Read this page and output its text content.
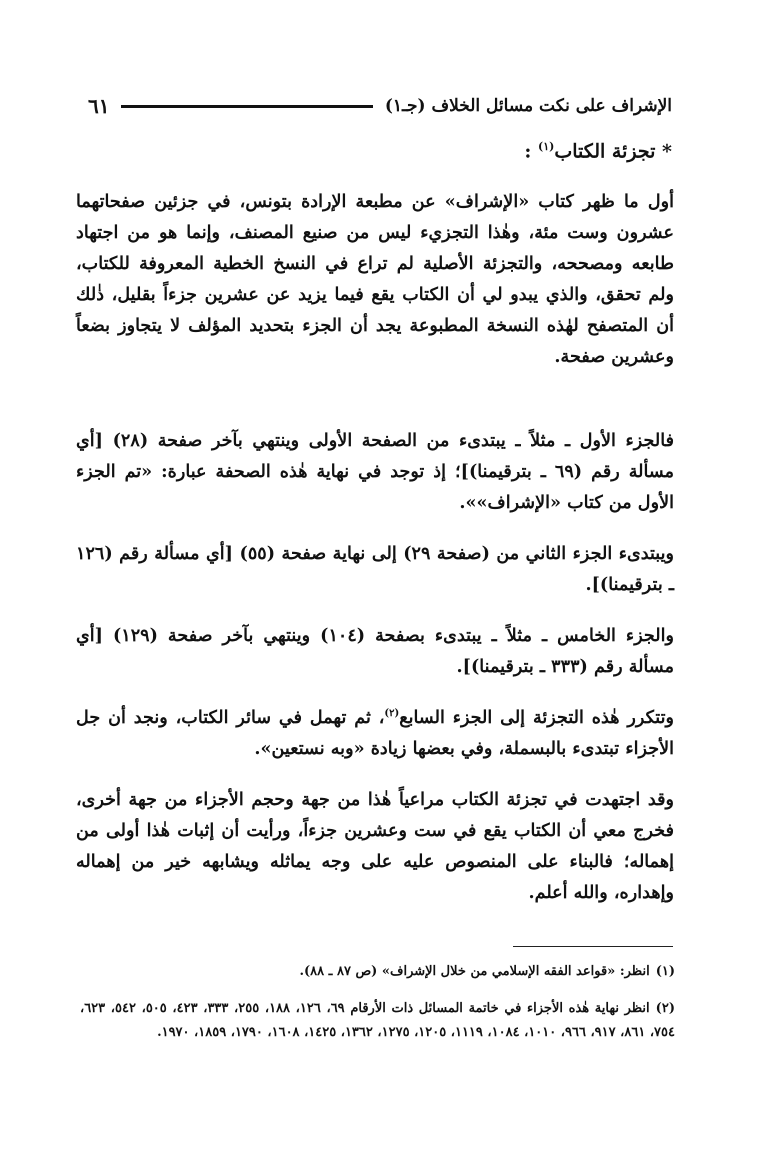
الإشراف على نكت مسائل الخلاف (جـ١)
٦١
* تجزئة الكتاب$^{(١)}$ :

أول ما ظهر كتاب «الإشراف» عن مطبعة الإرادة بتونس، في جزئين صفحاتهما عشرون وست مئة، وهٰذا التجزيء ليس من صنيع المصنف، وإنما هو من اجتهاد طابعه ومصححه، والتجزئة الأصلية لم تراع في النسخ الخطية المعروفة للكتاب، ولم تحقق، والذي يبدو لي أن الكتاب يقع فيما يزيد عن عشرين جزءاً بقليل، ذٰلك أن المتصفح لهٰذه النسخة المطبوعة يجد أن الجزء بتحديد المؤلف لا يتجاوز بضعاً وعشرين صفحة.

فالجزء الأول ـ مثلاً ـ يبتدىء من الصفحة الأولى وينتهي بآخر صفحة (٢٨) [أي مسألة رقم (٦٩ ـ بترقيمنا)]؛ إذ توجد في نهاية هٰذه الصحفة عبارة: «تم الجزء الأول من كتاب «الإشراف»».

ويبتدىء الجزء الثاني من (صفحة ٢٩) إلى نهاية صفحة (٥٥) [أي مسألة رقم (١٢٦ ـ بترقيمنا)].

والجزء الخامس ـ مثلاً ـ يبتدىء بصفحة (١٠٤) وينتهي بآخر صفحة (١٢٩) [أي مسألة رقم (٣٣٣ ـ بترقيمنا)].

وتتكرر هٰذه التجزئة إلى الجزء السابع$^{(٢)}$، ثم تهمل في سائر الكتاب، ونجد أن جل الأجزاء تبتدىء بالبسملة، وفي بعضها زيادة «وبه نستعين».

وقد اجتهدت في تجزئة الكتاب مراعياً هٰذا من جهة وحجم الأجزاء من جهة أخرى، فخرج معي أن الكتاب يقع في ست وعشرين جزءاً، ورأيت أن إثبات هٰذا أولى من إهماله؛ فالبناء على المنصوص عليه على وجه يماثله ويشابهه خير من إهماله وإهداره، والله أعلم.

(١)انظر: «قواعد الفقه الإسلامي من خلال الإشراف» (ص ٨٧ ـ ٨٨).

(٢)انظر نهاية هٰذه الأجزاء في خاتمة المسائل ذات الأرقام ٦٩، ١٢٦، ١٨٨، ٢٥٥، ٣٣٣، ٤٢٣، ٥٠٥، ٥٤٢، ٦٢٣، ٧٥٤، ٨٦١، ٩١٧، ٩٦٦، ١٠١٠، ١٠٨٤، ١١١٩، ١٢٠٥، ١٢٧٥، ١٣٦٢، ١٤٢٥، ١٦٠٨، ١٧٩٠، ١٨٥٩، ١٩٧٠.
